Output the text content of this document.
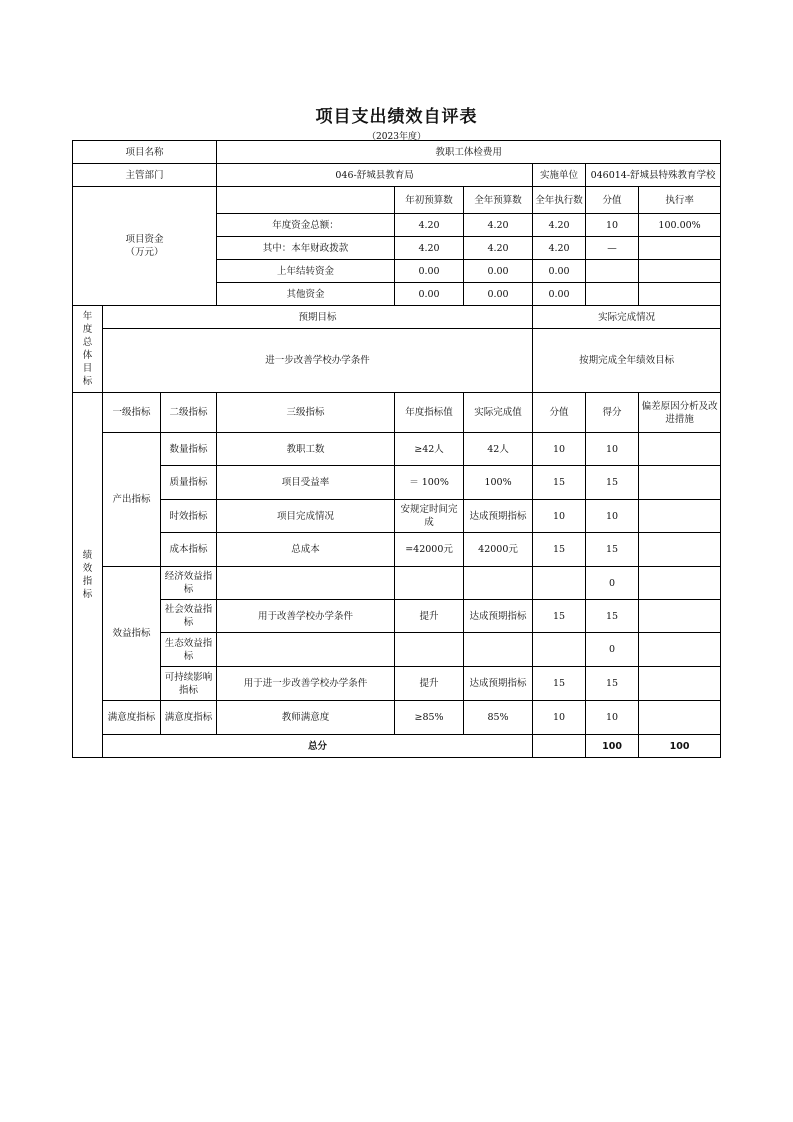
项目支出绩效自评表
（2023年度）
项目名称			教职工体检费用						
主管部门			046-舒城县教育局			实施单位	046014-舒城县特殊教育学校		

项目资金
（万元）				年初预算数	全年预算数	全年执行数	分值	执行率	
			年度资金总额：	4.20	4.20	4.20	10	100.00%	
			其中：本年财政拨款	4.20	4.20	4.20	—		
			上年结转资金	0.00	0.00	0.00			
			其他资金	0.00	0.00	0.00			
年度总体目标	预期目标					实际完成情况			
	进一步改善学校办学条件					按期完成全年绩效目标			
绩效指标	一级指标	二级指标	三级指标	年度指标值	实际完成值	分值	得分	偏差原因分析及改进措施	
	产出指标	数量指标	教职工数	≥42人	42人	10	10		
		质量指标	项目受益率	＝ 100%	100%	15	15		
		时效指标	项目完成情况	安规定时间完成	达成预期指标	10	10		
		成本指标	总成本	=42000元	42000元	15	15		
	效益指标	经济效益指标					0		
		社会效益指标	用于改善学校办学条件	提升	达成预期指标	15	15		
		生态效益指标					0		
		可持续影响指标	用于进一步改善学校办学条件	提升	达成预期指标	15	15		
	满意度指标	满意度指标	教师满意度	≥85%	85%	10	10		
	总分						100	100	
